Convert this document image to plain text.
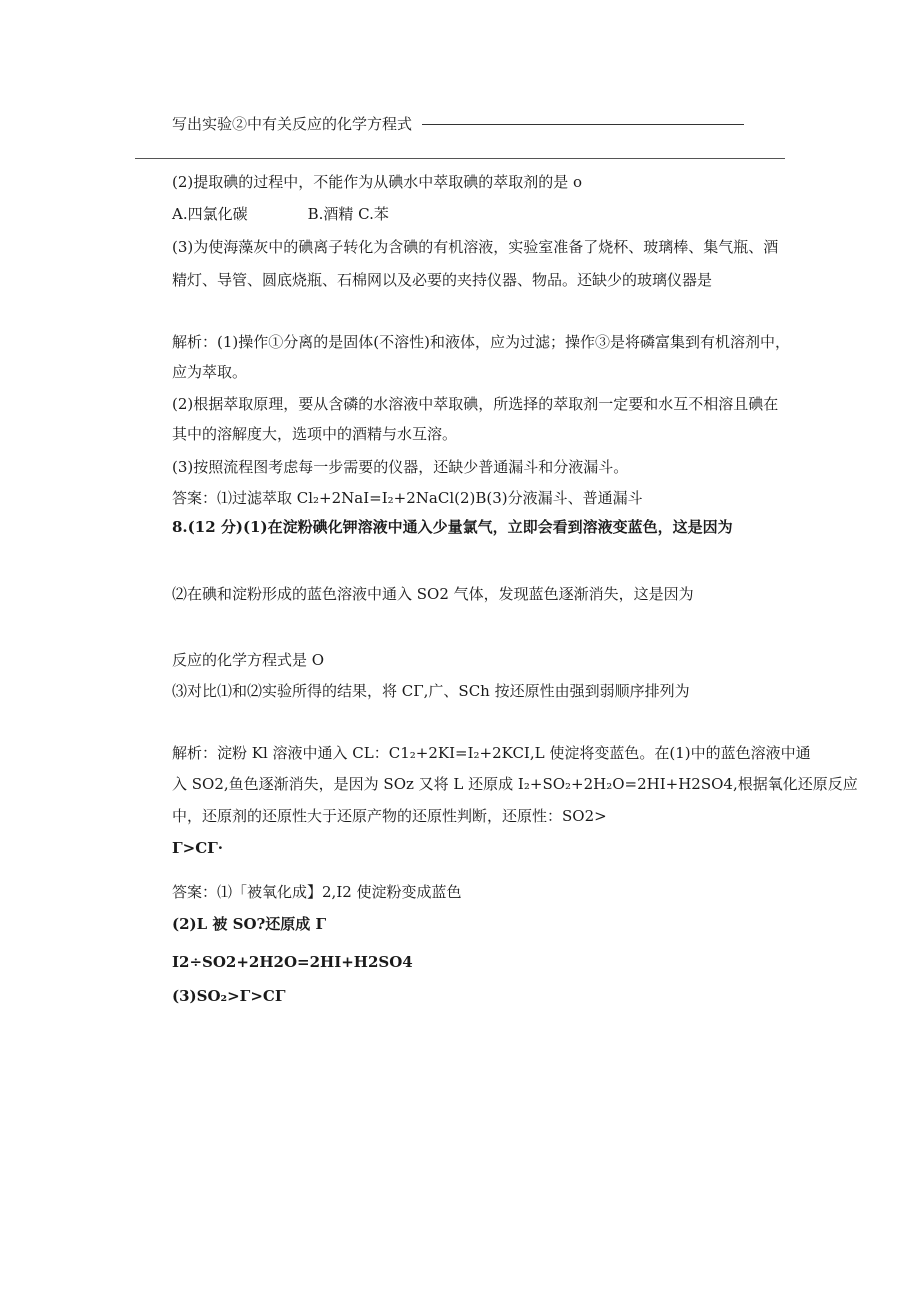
写出实验②中有关反应的化学方程式
(2)提取碘的过程中，不能作为从碘水中萃取碘的萃取剂的是 o
A.四氯化碳　　　　B.酒精 C.苯
(3)为使海藻灰中的碘离子转化为含碘的有机溶液，实验室准备了烧杯、玻璃棒、集气瓶、酒
精灯、导管、圆底烧瓶、石棉网以及必要的夹持仪器、物品。还缺少的玻璃仪器是
解析：(1)操作①分离的是固体(不溶性)和液体，应为过滤；操作③是将磷富集到有机溶剂中，
应为萃取。
(2)根据萃取原理，要从含磷的水溶液中萃取碘，所选择的萃取剂一定要和水互不相溶且碘在
其中的溶解度大，选项中的酒精与水互溶。
(3)按照流程图考虑每一步需要的仪器，还缺少普通漏斗和分液漏斗。
答案：⑴过滤萃取 Cl₂+2NaI=I₂+2NaCl(2)B(3)分液漏斗、普通漏斗
8.(12 分)(1)在淀粉碘化钾溶液中通入少量氯气，立即会看到溶液变蓝色，这是因为
⑵在碘和淀粉形成的蓝色溶液中通入 SO2 气体，发现蓝色逐渐消失，这是因为
反应的化学方程式是 O
⑶对比⑴和⑵实验所得的结果，将 CΓ,广、SCh 按还原性由强到弱顺序排列为
解析：淀粉 Kl 溶液中通入 CL：C1₂+2KI=I₂+2KCI,L 使淀将变蓝色。在(1)中的蓝色溶液中通
入 SO2,鱼色逐渐消失，是因为 SOz 又将 L 还原成 I₂+SO₂+2H₂O=2HI+H2SO4,根据氧化还原反应
中，还原剂的还原性大于还原产物的还原性判断，还原性：SO2>
Γ>CΓ·
答案：⑴「被氧化成】2,I2 使淀粉变成蓝色
(2)L 被 SO?还原成 Γ
I2÷SO2+2H2O=2HI+H2SO4
(3)SO₂>Γ>CΓ
